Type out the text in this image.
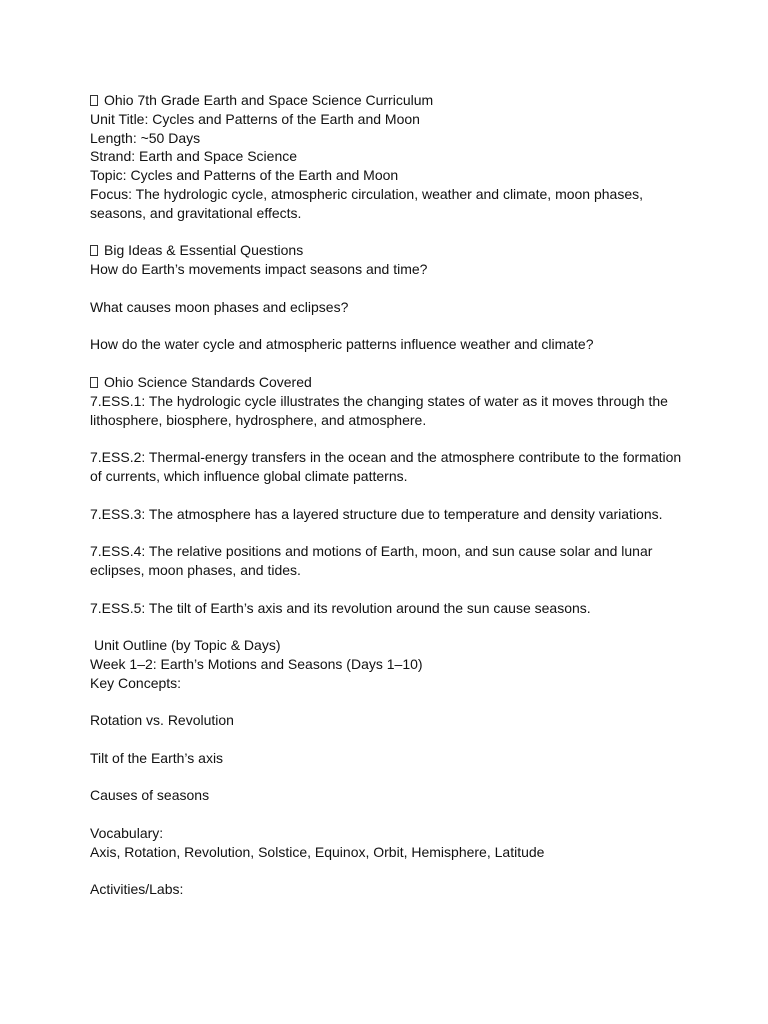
Ohio 7th Grade Earth and Space Science Curriculum

Unit Title: Cycles and Patterns of the Earth and Moon

Length: ~50 Days

Strand: Earth and Space Science

Topic: Cycles and Patterns of the Earth and Moon

Focus: The hydrologic cycle, atmospheric circulation, weather and climate, moon phases, seasons, and gravitational effects.

Big Ideas & Essential Questions

How do Earth’s movements impact seasons and time?

What causes moon phases and eclipses?

How do the water cycle and atmospheric patterns influence weather and climate?

Ohio Science Standards Covered

7.ESS.1: The hydrologic cycle illustrates the changing states of water as it moves through the lithosphere, biosphere, hydrosphere, and atmosphere.

7.ESS.2: Thermal-energy transfers in the ocean and the atmosphere contribute to the formation of currents, which influence global climate patterns.

7.ESS.3: The atmosphere has a layered structure due to temperature and density variations.

7.ESS.4: The relative positions and motions of Earth, moon, and sun cause solar and lunar eclipses, moon phases, and tides.

7.ESS.5: The tilt of Earth’s axis and its revolution around the sun cause seasons.

Unit Outline (by Topic & Days)

Week 1–2: Earth’s Motions and Seasons (Days 1–10)

Key Concepts:

Rotation vs. Revolution

Tilt of the Earth’s axis

Causes of seasons

Vocabulary:

Axis, Rotation, Revolution, Solstice, Equinox, Orbit, Hemisphere, Latitude

Activities/Labs:
